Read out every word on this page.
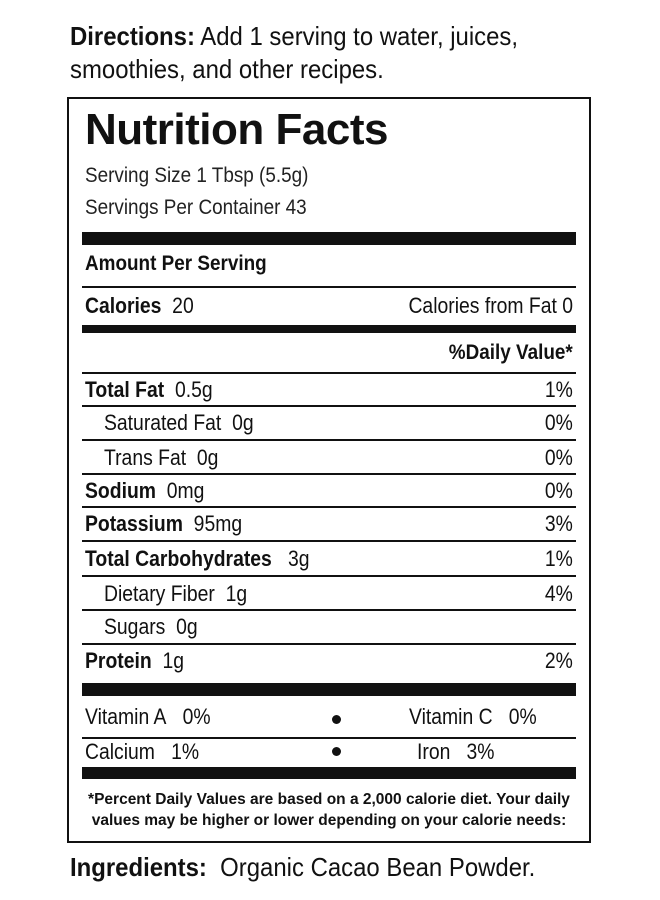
Directions: Add 1 serving to water, juices, smoothies, and other recipes.
Nutrition Facts
Serving Size 1 Tbsp (5.5g)
Servings Per Container 43
Amount Per Serving
Calories 20	Calories from Fat 0
%Daily Value*
Total Fat 0.5g	1%
Saturated Fat 0g	0%
Trans Fat 0g	0%
Sodium 0mg	0%
Potassium 95mg	3%
Total Carbohydrates 3g	1%
Dietary Fiber 1g	4%
Sugars 0g
Protein 1g	2%
Vitamin A 0%	Vitamin C 0%
Calcium 1%	Iron 3%
*Percent Daily Values are based on a 2,000 calorie diet. Your daily
values may be higher or lower depending on your calorie needs:
Ingredients:  Organic Cacao Bean Powder.
